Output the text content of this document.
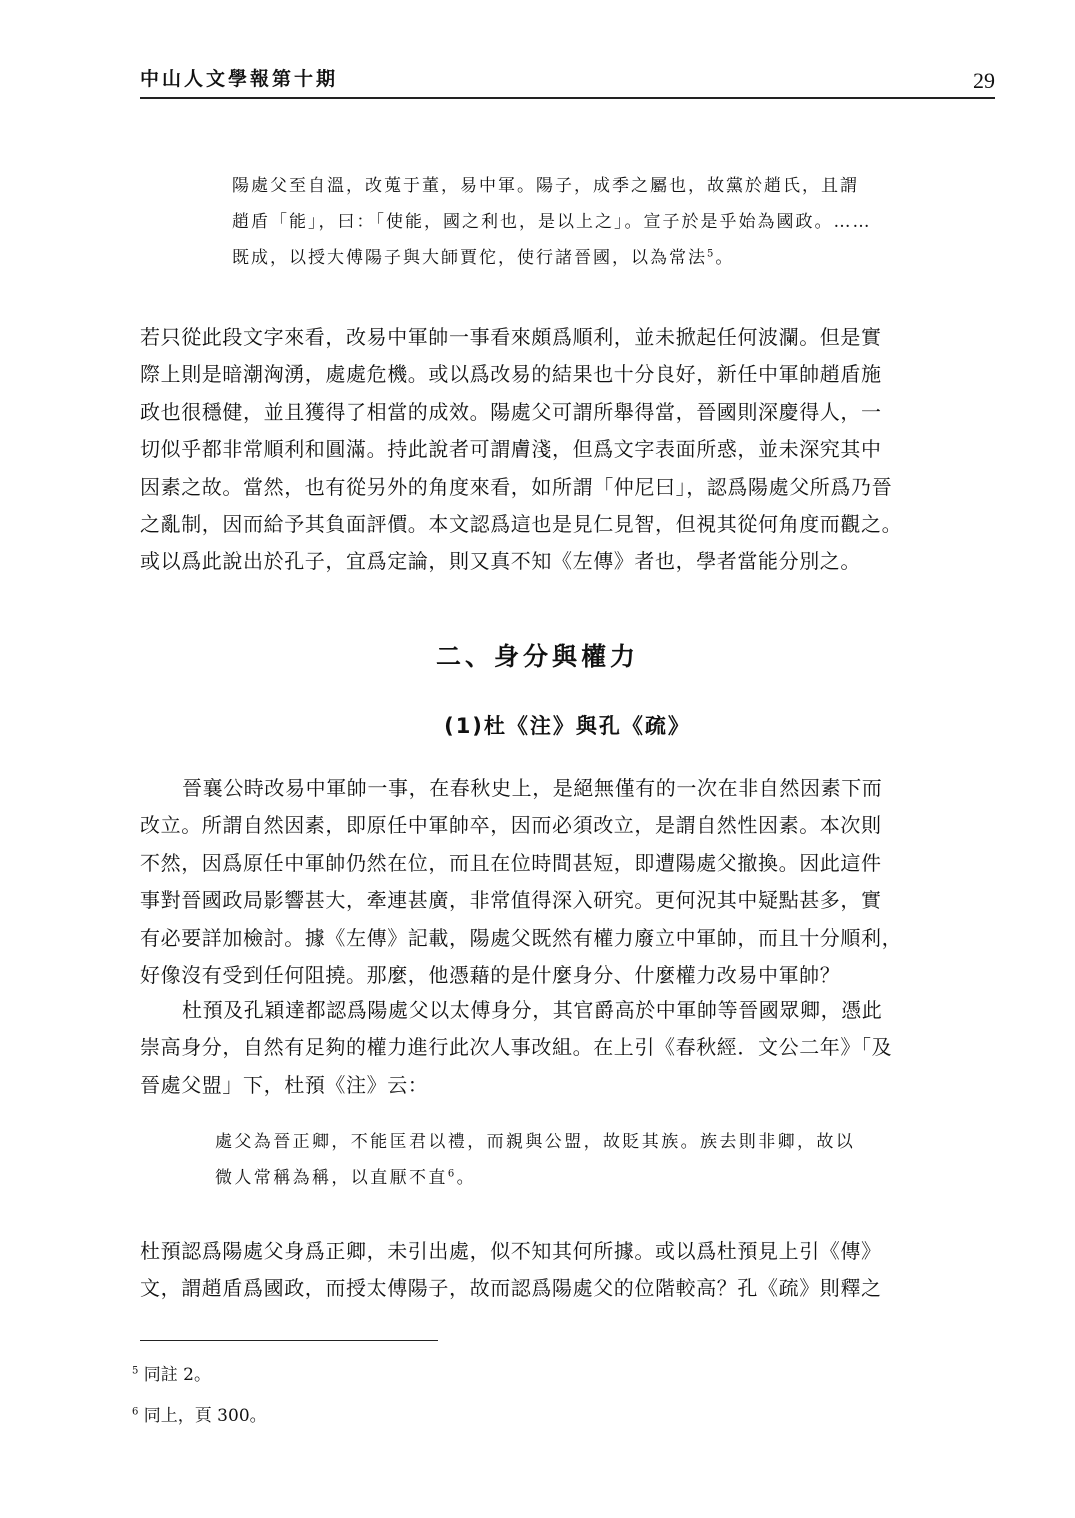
中山人文學報第十期	29

陽處父至自溫，改蒐于董，易中軍。陽子，成季之屬也，故黨於趙氏，且謂

趙盾「能」，曰：「使能，國之利也，是以上之」。宣子於是乎始為國政。……

既成，以授大傅陽子與大師賈佗，使行諸晉國，以為常法$^5$。

若只從此段文字來看，改易中軍帥一事看來頗爲順利，並未掀起任何波瀾。但是實

際上則是暗潮洶湧，處處危機。或以爲改易的結果也十分良好，新任中軍帥趙盾施

政也很穩健，並且獲得了相當的成效。陽處父可謂所舉得當，晉國則深慶得人，一

切似乎都非常順利和圓滿。持此說者可謂膚淺，但爲文字表面所惑，並未深究其中

因素之故。當然，也有從另外的角度來看，如所謂「仲尼曰」，認爲陽處父所爲乃晉

之亂制，因而給予其負面評價。本文認爲這也是見仁見智，但視其從何角度而觀之。

或以爲此說出於孔子，宜爲定論，則又真不知《左傳》者也，學者當能分別之。

二、身分與權力
(1)杜《注》與孔《疏》

晉襄公時改易中軍帥一事，在春秋史上，是絕無僅有的一次在非自然因素下而

改立。所謂自然因素，即原任中軍帥卒，因而必須改立，是謂自然性因素。本次則

不然，因爲原任中軍帥仍然在位，而且在位時間甚短，即遭陽處父撤換。因此這件

事對晉國政局影響甚大，牽連甚廣，非常值得深入研究。更何況其中疑點甚多，實

有必要詳加檢討。據《左傳》記載，陽處父既然有權力廢立中軍帥，而且十分順利，

好像沒有受到任何阻撓。那麼，他憑藉的是什麼身分、什麼權力改易中軍帥？

杜預及孔穎達都認爲陽處父以太傅身分，其官爵高於中軍帥等晉國眾卿，憑此

崇高身分，自然有足夠的權力進行此次人事改組。在上引《春秋經．文公二年》「及

晉處父盟」下，杜預《注》云：

處父為晉正卿，不能匡君以禮，而親與公盟，故貶其族。族去則非卿，故以

微人常稱為稱，以直厭不直$^6$。

杜預認爲陽處父身爲正卿，未引出處，似不知其何所據。或以爲杜預見上引《傳》

文，謂趙盾爲國政，而授太傅陽子，故而認爲陽處父的位階較高？孔《疏》則釋之

$^5$ 同註 2。

$^6$ 同上，頁 300。
